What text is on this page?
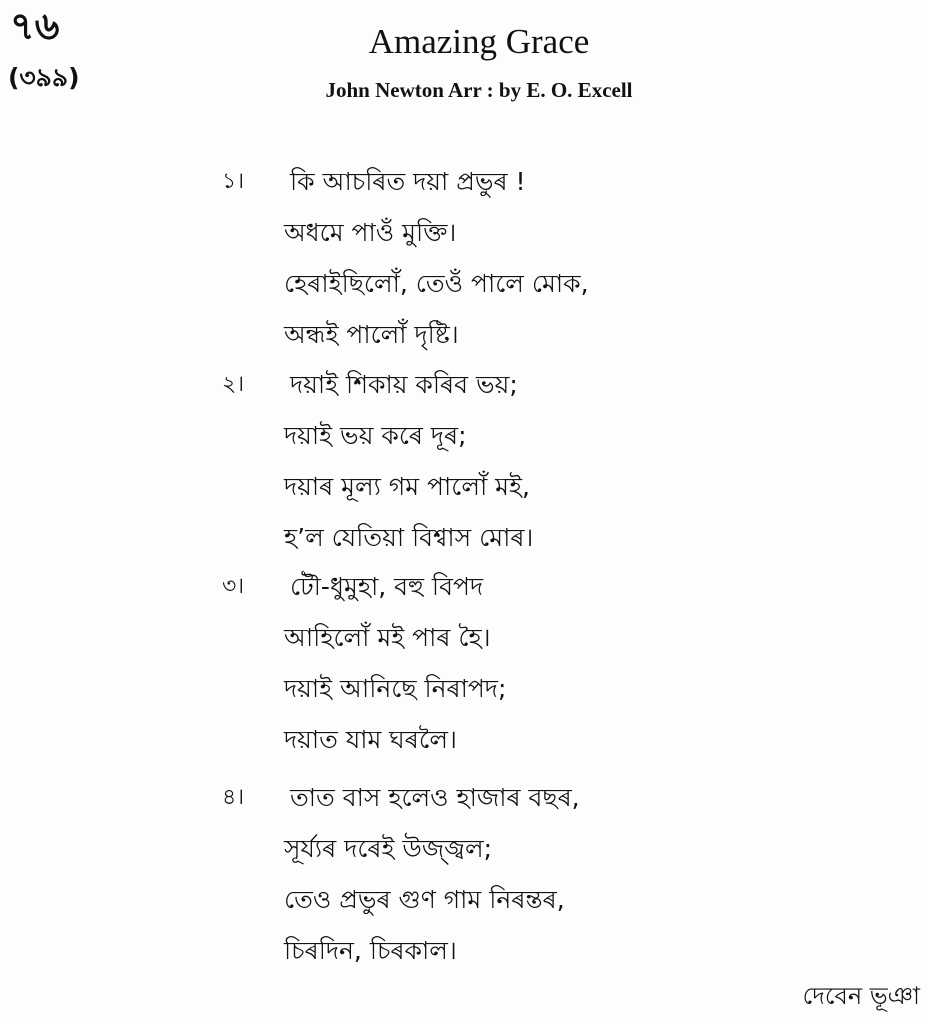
৭৬
(৩৯৯)
Amazing Grace
John Newton Arr : by E. O. Excell
১।	কি আচৰিত দয়া প্ৰভুৰ !
অধমে পাওঁ মুক্তি।
হেৰাইছিলোঁ, তেওঁ পালে মোক,
অন্ধই পালোঁ দৃষ্টি।
২।	দয়াই শিকায় কৰিব ভয়;
দয়াই ভয় কৰে দূৰ;
দয়াৰ মূল্য গম পালোঁ মই,
হ’ল যেতিয়া বিশ্বাস মোৰ।
৩।	টৌ-ধুমুহা, বহু বিপদ
আহিলোঁ মই পাৰ হৈ।
দয়াই আনিছে নিৰাপদ;
দয়াত যাম ঘৰলৈ।
৪।	তাত বাস হলেও হাজাৰ বছৰ,
সূৰ্য্যৰ দৰেই উজ্জ্বল;
তেও প্ৰভুৰ গুণ গাম নিৰন্তৰ,
চিৰদিন, চিৰকাল।
দেবেন ভূঞা
